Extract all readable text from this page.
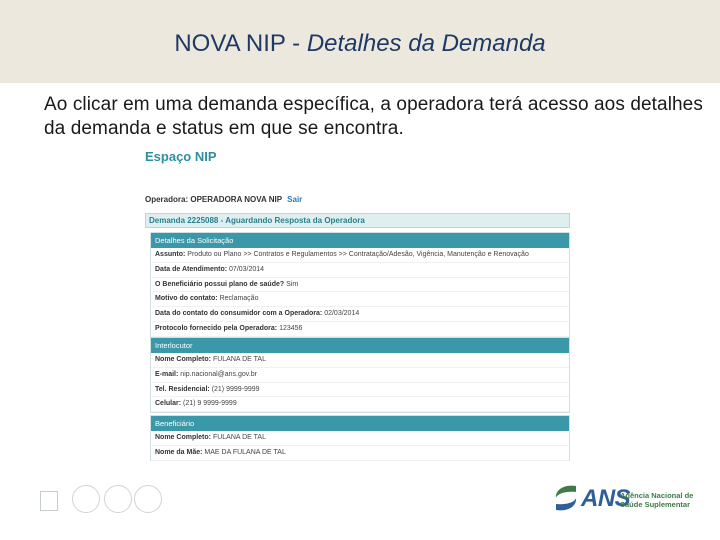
NOVA NIP - Detalhes da Demanda

Ao clicar em uma demanda específica, a operadora terá acesso aos detalhes da demanda e status em que se encontra.

Espaço NIP
Operadora: OPERADORA NOVA NIP Sair
Demanda 2225088 - Aguardando Resposta da Operadora
Detalhes da Solicitação
Assunto: Produto ou Plano >> Contratos e Regulamentos >> Contratação/Adesão, Vigência, Manutenção e Renovação
Data de Atendimento: 07/03/2014
O Beneficiário possui plano de saúde? Sim
Motivo do contato: Reclamação
Data do contato do consumidor com a Operadora: 02/03/2014
Protocolo fornecido pela Operadora: 123456
Interlocutor
Nome Completo: FULANA DE TAL
E-mail: nip.nacional@ans.gov.br
Tel. Residencial: (21) 9999-9999
Celular: (21) 9 9999-9999
Beneficiário
Nome Completo: FULANA DE TAL
Nome da Mãe: MAE DA FULANA DE TAL
ANS
Agência Nacional de
Saúde Suplementar
